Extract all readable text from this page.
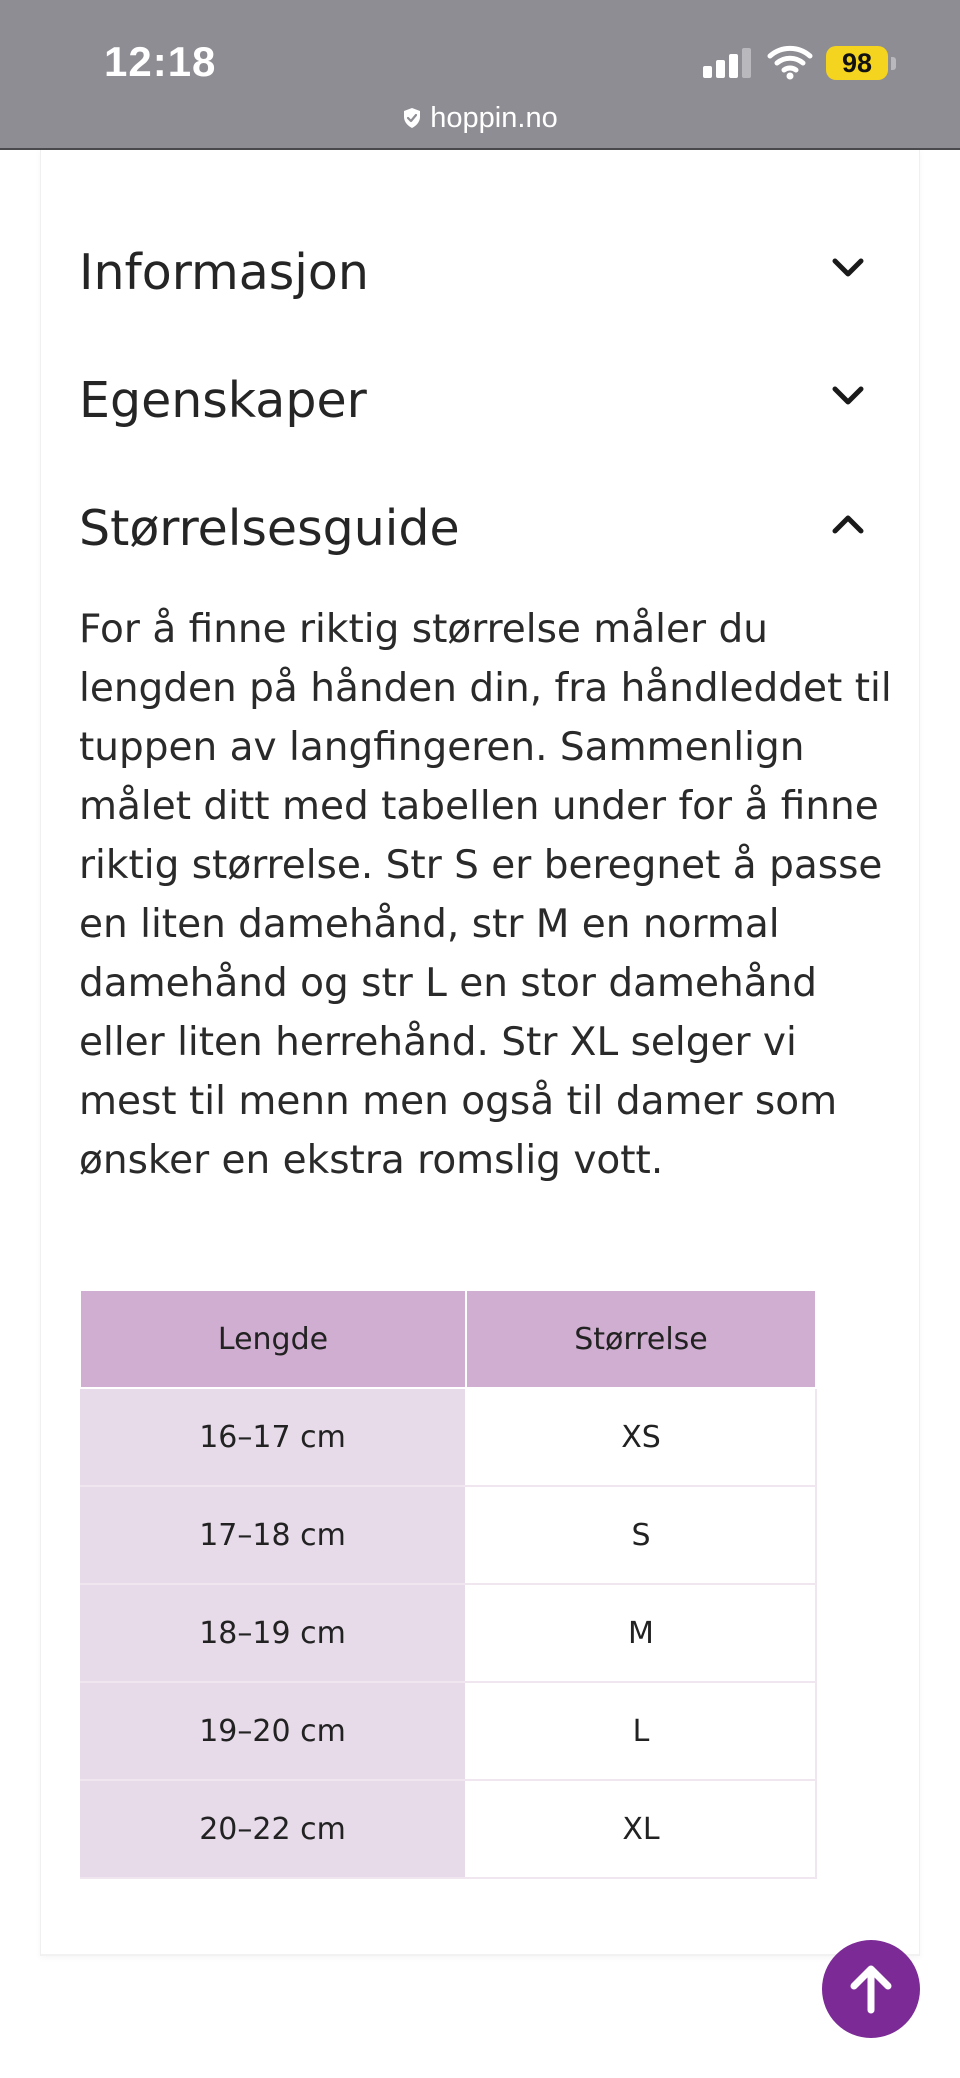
12:18	98
hoppin.no
Informasjon
Egenskaper
Størrelsesguide

For å finne riktig størrelse måler du lengden på hånden din, fra håndleddet til tuppen av langfingeren. Sammenlign målet ditt med tabellen under for å finne riktig størrelse. Str S er beregnet å passe en liten damehånd, str M en normal damehånd og str L en stor damehånd eller liten herrehånd. Str XL selger vi mest til menn men også til damer som ønsker en ekstra romslig vott.

Lengde	Størrelse
16–17 cm	XS
17–18 cm	S
18–19 cm	M
19–20 cm	L
20–22 cm	XL
